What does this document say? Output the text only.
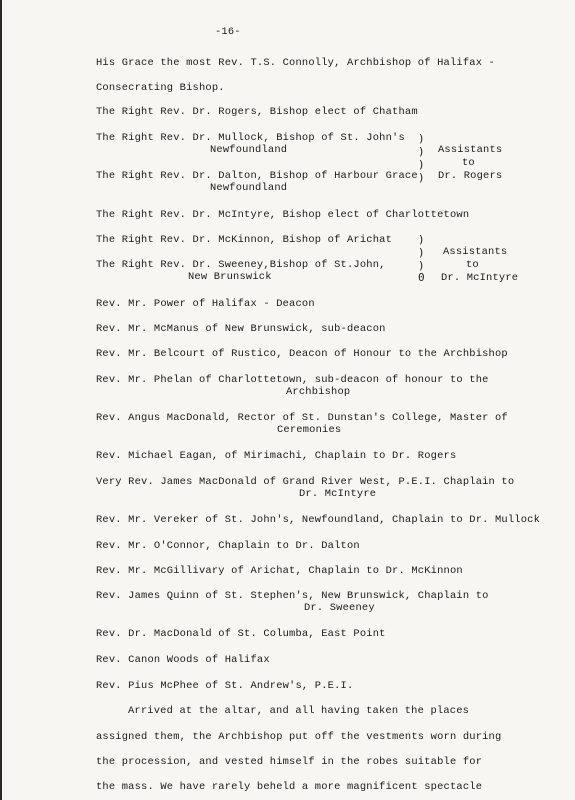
-16-
His Grace the most Rev. T.S. Connolly, Archbishop of Halifax -
Consecrating Bishop.
The Right Rev. Dr. Rogers, Bishop elect of Chatham
The Right Rev. Dr. Mullock, Bishop of St. John's
Newfoundland
The Right Rev. Dr. Dalton, Bishop of Harbour Grace
Newfoundland
)
)
)
)
Assistants
to
Dr. Rogers
The Right Rev. Dr. McIntyre, Bishop elect of Charlottetown
The Right Rev. Dr. McKinnon, Bishop of Arichat
The Right Rev. Dr. Sweeney,Bishop of St.John,
New Brunswick
)
)
)
0
Assistants
to
Dr. McIntyre
Rev. Mr. Power of Halifax - Deacon
Rev. Mr. McManus of New Brunswick, sub-deacon
Rev. Mr. Belcourt of Rustico, Deacon of Honour to the Archbishop
Rev. Mr. Phelan of Charlottetown, sub-deacon of honour to the
Archbishop
Rev. Angus MacDonald, Rector of St. Dunstan's College, Master of
Ceremonies
Rev. Michael Eagan, of Mirimachi, Chaplain to Dr. Rogers
Very Rev. James MacDonald of Grand River West, P.E.I. Chaplain to
Dr. McIntyre
Rev. Mr. Vereker of St. John's, Newfoundland, Chaplain to Dr. Mullock
Rev. Mr. O'Connor, Chaplain to Dr. Dalton
Rev. Mr. McGillivary of Arichat, Chaplain to Dr. McKinnon
Rev. James Quinn of St. Stephen's, New Brunswick, Chaplain to
Dr. Sweeney
Rev. Dr. MacDonald of St. Columba, East Point
Rev. Canon Woods of Halifax
Rev. Pius McPhee of St. Andrew's, P.E.I.
Arrived at the altar, and all having taken the places
assigned them, the Archbishop put off the vestments worn during
the procession, and vested himself in the robes suitable for
the mass. We have rarely beheld a more magnificent spectacle
